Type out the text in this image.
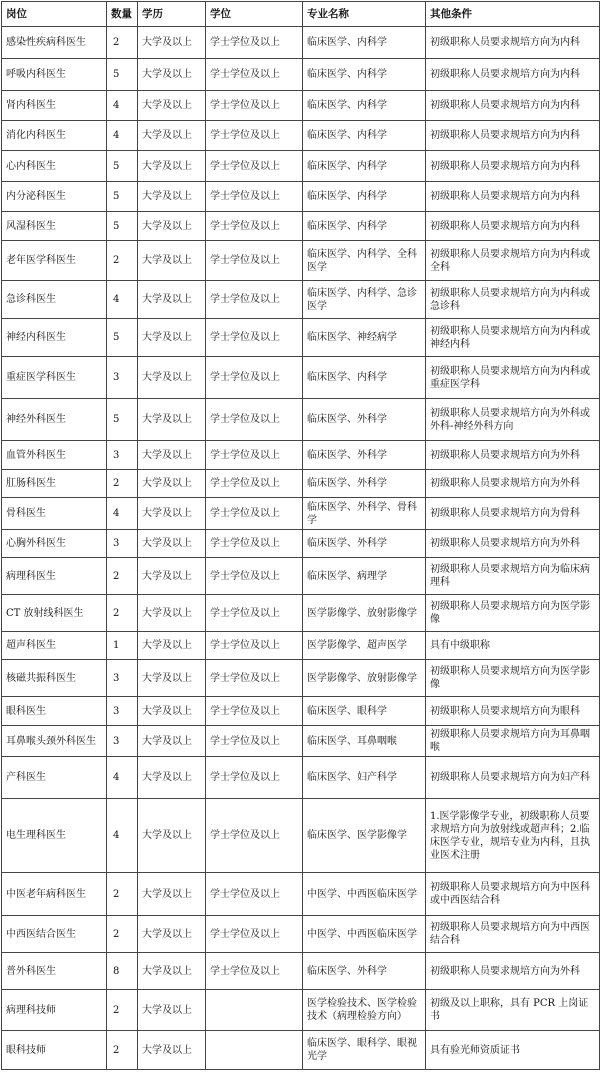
岗位	数量	学历	学位	专业名称	其他条件
感染性疾病科医生	2	大学及以上	学士学位及以上	临床医学、内科学	初级职称人员要求规培方向为内科
呼吸内科医生	5	大学及以上	学士学位及以上	临床医学、内科学	初级职称人员要求规培方向为内科
肾内科医生	4	大学及以上	学士学位及以上	临床医学、内科学	初级职称人员要求规培方向为内科
消化内科医生	4	大学及以上	学士学位及以上	临床医学、内科学	初级职称人员要求规培方向为内科
心内科医生	5	大学及以上	学士学位及以上	临床医学、内科学	初级职称人员要求规培方向为内科
内分泌科医生	5	大学及以上	学士学位及以上	临床医学、内科学	初级职称人员要求规培方向为内科
风湿科医生	5	大学及以上	学士学位及以上	临床医学、内科学	初级职称人员要求规培方向为内科
老年医学科医生	2	大学及以上	学士学位及以上	临床医学、内科学、全科医学	初级职称人员要求规培方向为内科或全科
急诊科医生	4	大学及以上	学士学位及以上	临床医学、内科学、急诊医学	初级职称人员要求规培方向为内科或急诊科
神经内科医生	5	大学及以上	学士学位及以上	临床医学、神经病学	初级职称人员要求规培方向为内科或神经内科
重症医学科医生	3	大学及以上	学士学位及以上	临床医学、内科学	初级职称人员要求规培方向为内科或重症医学科
神经外科医生	5	大学及以上	学士学位及以上	临床医学、外科学	初级职称人员要求规培方向为外科或外科-神经外科方向
血管外科医生	3	大学及以上	学士学位及以上	临床医学、外科学	初级职称人员要求规培方向为外科
肛肠科医生	2	大学及以上	学士学位及以上	临床医学、外科学	初级职称人员要求规培方向为外科
骨科医生	4	大学及以上	学士学位及以上	临床医学、外科学、骨科学	初级职称人员要求规培方向为骨科
心胸外科医生	3	大学及以上	学士学位及以上	临床医学、外科学	初级职称人员要求规培方向为外科
病理科医生	2	大学及以上	学士学位及以上	临床医学、病理学	初级职称人员要求规培方向为临床病理科
CT 放射线科医生	2	大学及以上	学士学位及以上	医学影像学、放射影像学	初级职称人员要求规培方向为医学影像
超声科医生	1	大学及以上	学士学位及以上	医学影像学、超声医学	具有中级职称
核磁共振科医生	3	大学及以上	学士学位及以上	医学影像学、放射影像学	初级职称人员要求规培方向为医学影像
眼科医生	3	大学及以上	学士学位及以上	临床医学、眼科学	初级职称人员要求规培方向为眼科
耳鼻喉头颈外科医生	3	大学及以上	学士学位及以上	临床医学、耳鼻咽喉	初级职称人员要求规培方向为耳鼻咽喉
产科医生	4	大学及以上	学士学位及以上	临床医学、妇产科学	初级职称人员要求规培方向为妇产科
电生理科医生	4	大学及以上	学士学位及以上	临床医学、医学影像学	1.医学影像学专业，初级职称人员要求规培方向为放射线或超声科；2.临床医学专业，规培专业为内科，且执业医术注册
中医老年病科医生	2	大学及以上	学士学位及以上	中医学、中西医临床医学	初级职称人员要求规培方向为中医科或中西医结合科
中西医结合医生	2	大学及以上	学士学位及以上	中医学、中西医临床医学	初级职称人员要求规培方向为中西医结合科
普外科医生	8	大学及以上	学士学位及以上	临床医学、外科学	初级职称人员要求规培方向为外科
病理科技师	2	大学及以上		医学检验技术、医学检验技术（病理检验方向）	初级及以上职称，具有 PCR 上岗证书
眼科技师	2	大学及以上		临床医学、眼科学、眼视光学	具有验光师资质证书
